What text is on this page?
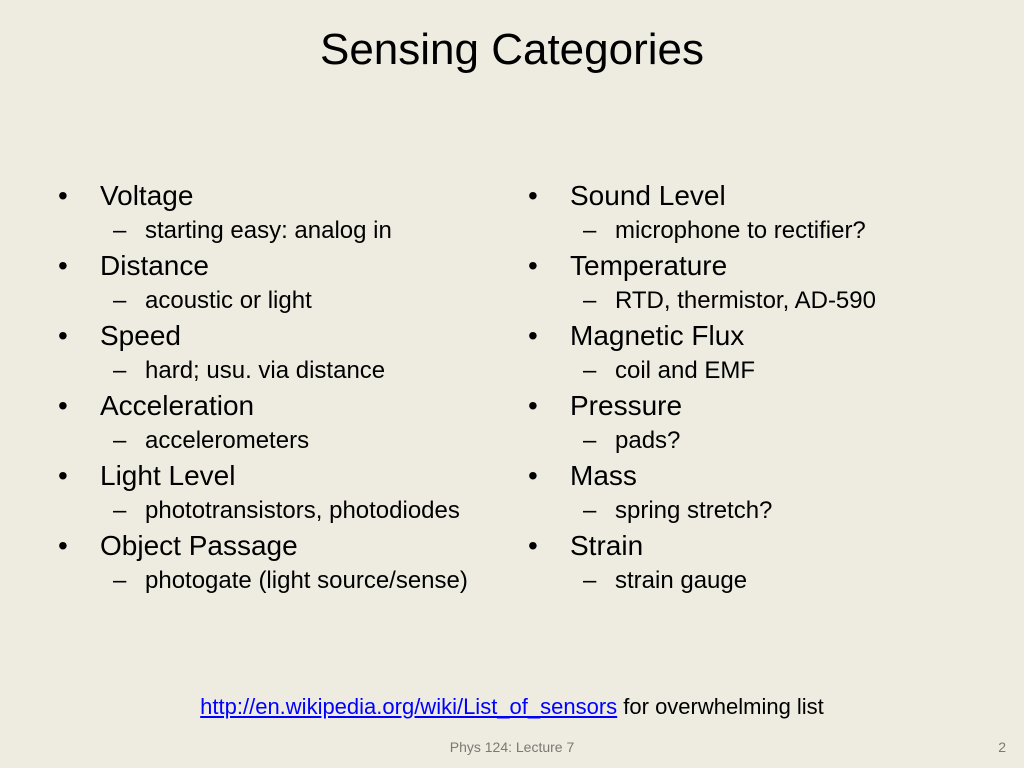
Sensing Categories
• Voltage
– starting easy: analog in
• Distance
– acoustic or light
• Speed
– hard; usu. via distance
• Acceleration
– accelerometers
• Light Level
– phototransistors, photodiodes
• Object Passage
– photogate (light source/sense)
• Sound Level
– microphone to rectifier?
• Temperature
– RTD, thermistor, AD-590
• Magnetic Flux
– coil and EMF
• Pressure
– pads?
• Mass
– spring stretch?
• Strain
– strain gauge
http://en.wikipedia.org/wiki/List_of_sensors for overwhelming list
Phys 124: Lecture 7	2
